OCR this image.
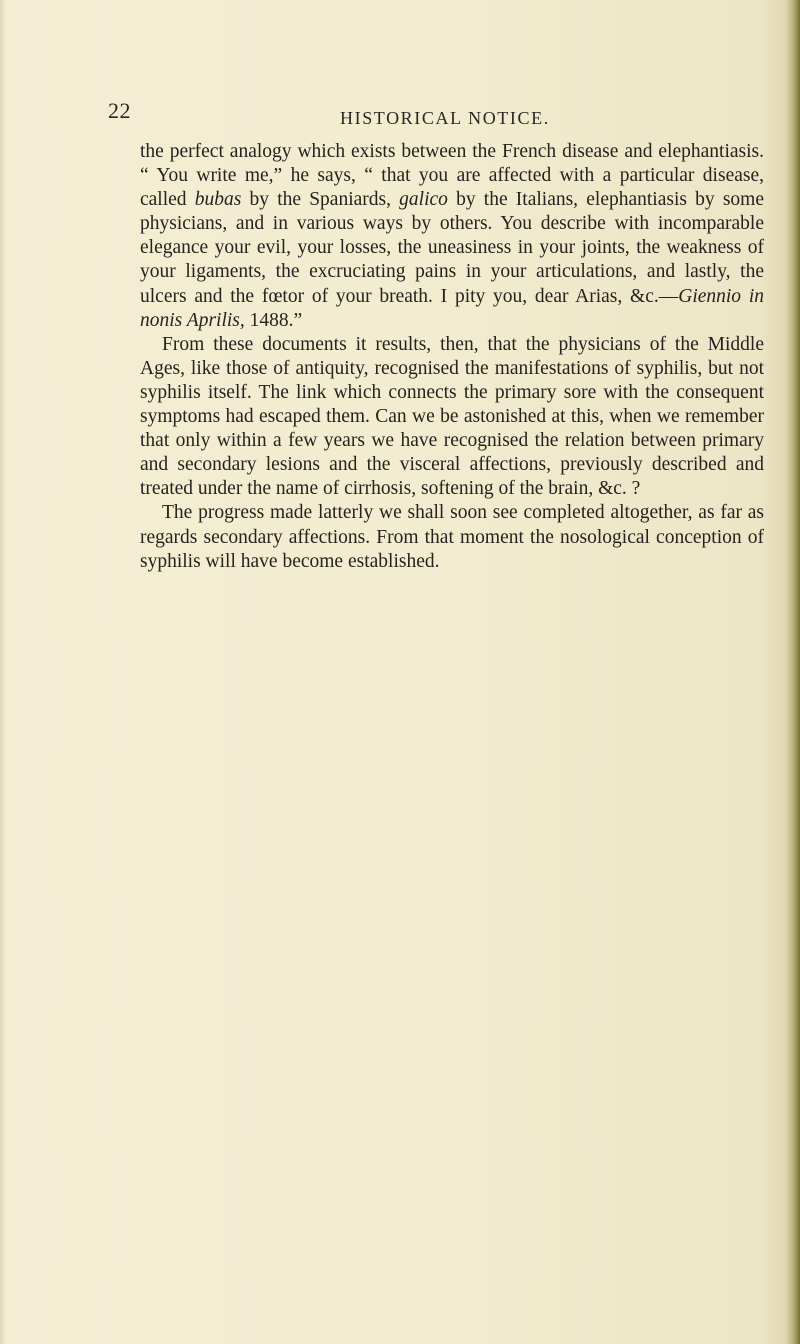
22	HISTORICAL NOTICE.

the perfect analogy which exists between the French disease and elephantiasis. “ You write me,” he says, “ that you are affected with a particular disease, called bubas by the Spaniards, galico by the Italians, elephantiasis by some physicians, and in various ways by others. You describe with incomparable elegance your evil, your losses, the uneasiness in your joints, the weakness of your ligaments, the excruciating pains in your articulations, and lastly, the ulcers and the fœtor of your breath. I pity you, dear Arias, &c.—Giennio in nonis Aprilis, 1488.”

From these documents it results, then, that the physicians of the Middle Ages, like those of antiquity, recognised the manifestations of syphilis, but not syphilis itself. The link which connects the primary sore with the consequent symptoms had escaped them. Can we be astonished at this, when we remember that only within a few years we have recognised the relation between primary and secondary lesions and the visceral affections, previously described and treated under the name of cirrhosis, softening of the brain, &c. ?

The progress made latterly we shall soon see completed altogether, as far as regards secondary affections. From that moment the nosological conception of syphilis will have become established.
